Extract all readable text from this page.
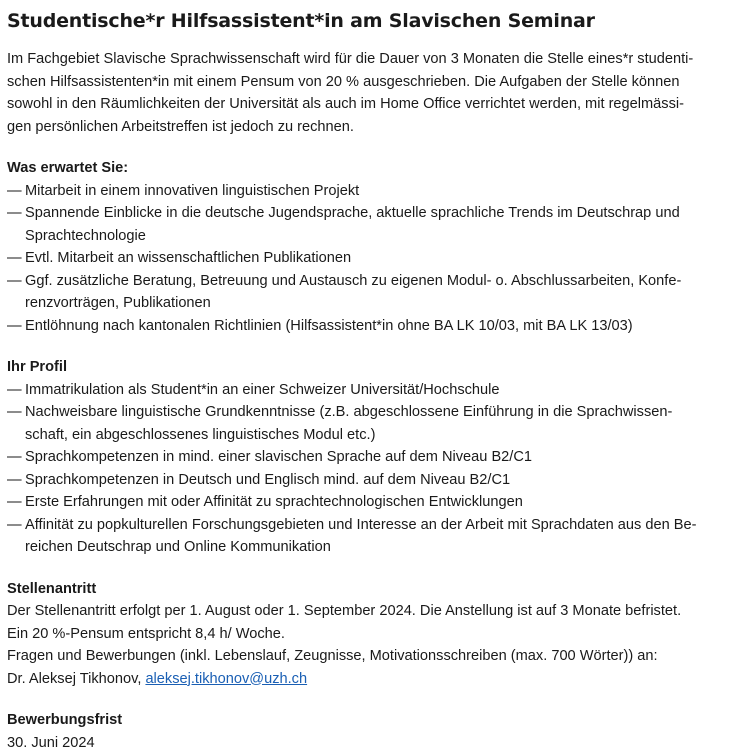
Studentische*r Hilfsassistent*in am Slavischen Seminar
Im Fachgebiet Slavische Sprachwissenschaft wird für die Dauer von 3 Monaten die Stelle eines*r studenti-
schen Hilfsassistenten*in mit einem Pensum von 20 % ausgeschrieben. Die Aufgaben der Stelle können
sowohl in den Räumlichkeiten der Universität als auch im Home Office verrichtet werden, mit regelmässi-
gen persönlichen Arbeitstreffen ist jedoch zu rechnen.
Was erwartet Sie:
— Mitarbeit in einem innovativen linguistischen Projekt
— Spannende Einblicke in die deutsche Jugendsprache, aktuelle sprachliche Trends im Deutschrap und
Sprachtechnologie
— Evtl. Mitarbeit an wissenschaftlichen Publikationen
— Ggf. zusätzliche Beratung, Betreuung und Austausch zu eigenen Modul- o. Abschlussarbeiten, Konfe-
renzvorträgen, Publikationen
— Entlöhnung nach kantonalen Richtlinien (Hilfsassistent*in ohne BA LK 10/03, mit BA LK 13/03)
Ihr Profil
— Immatrikulation als Student*in an einer Schweizer Universität/Hochschule
— Nachweisbare linguistische Grundkenntnisse (z.B. abgeschlossene Einführung in die Sprachwissen-
schaft, ein abgeschlossenes linguistisches Modul etc.)
— Sprachkompetenzen in mind. einer slavischen Sprache auf dem Niveau B2/C1
— Sprachkompetenzen in Deutsch und Englisch mind. auf dem Niveau B2/C1
— Erste Erfahrungen mit oder Affinität zu sprachtechnologischen Entwicklungen
— Affinität zu popkulturellen Forschungsgebieten und Interesse an der Arbeit mit Sprachdaten aus den Be-
reichen Deutschrap und Online Kommunikation
Stellenantritt
Der Stellenantritt erfolgt per 1. August oder 1. September 2024. Die Anstellung ist auf 3 Monate befristet.
Ein 20 %-Pensum entspricht 8,4 h/ Woche.
Fragen und Bewerbungen (inkl. Lebenslauf, Zeugnisse, Motivationsschreiben (max. 700 Wörter)) an:
Dr. Aleksej Tikhonov, aleksej.tikhonov@uzh.ch
Bewerbungsfrist
30. Juni 2024
